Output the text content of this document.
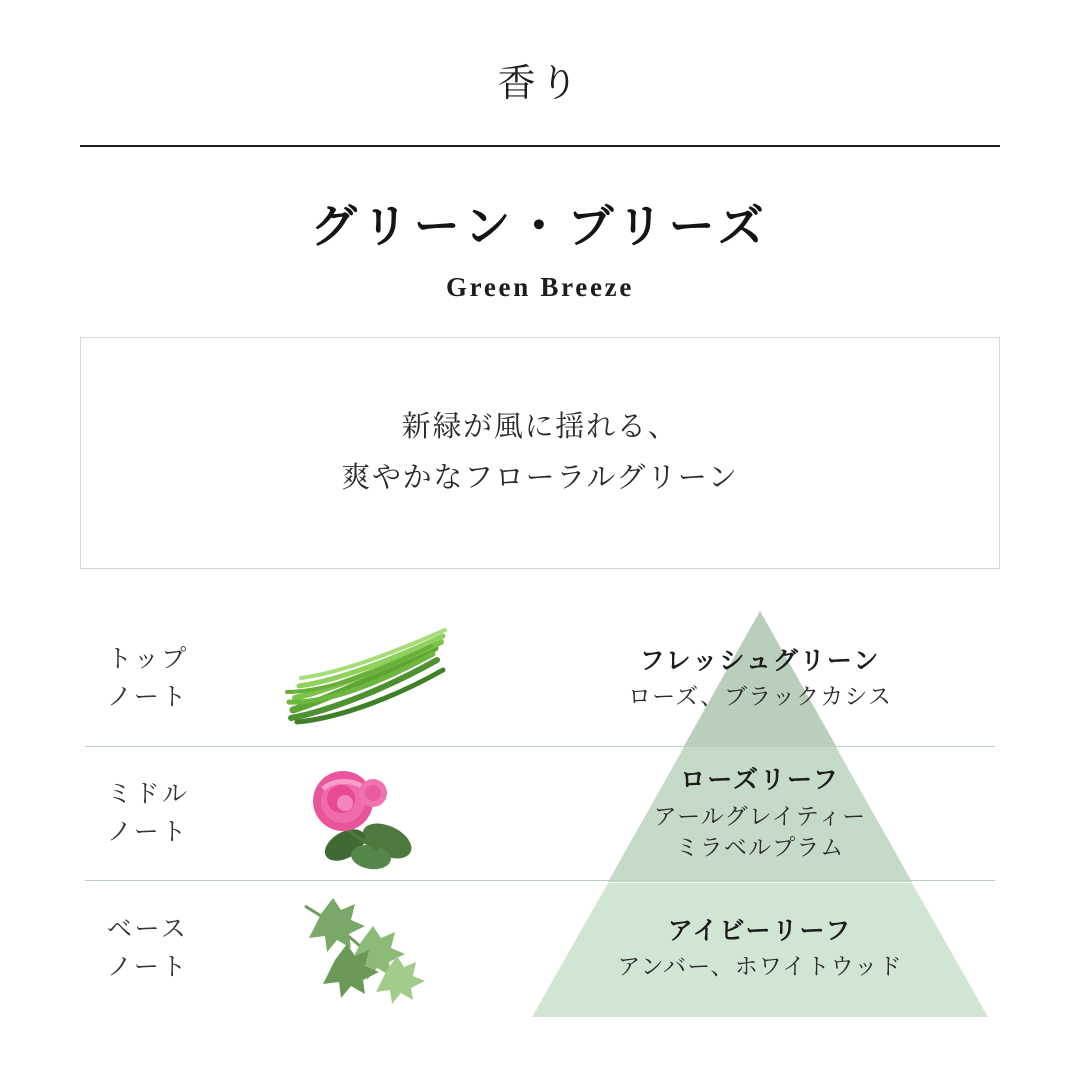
香り
グリーン・ブリーズ
Green Breeze
新緑が風に揺れる、
爽やかなフローラルグリーン
トップ
ノート
フレッシュグリーン
ローズ、ブラックカシス
ミドル
ノート
ローズリーフ
アールグレイティー
ミラベルプラム
ベース
ノート
アイビーリーフ
アンバー、ホワイトウッド
